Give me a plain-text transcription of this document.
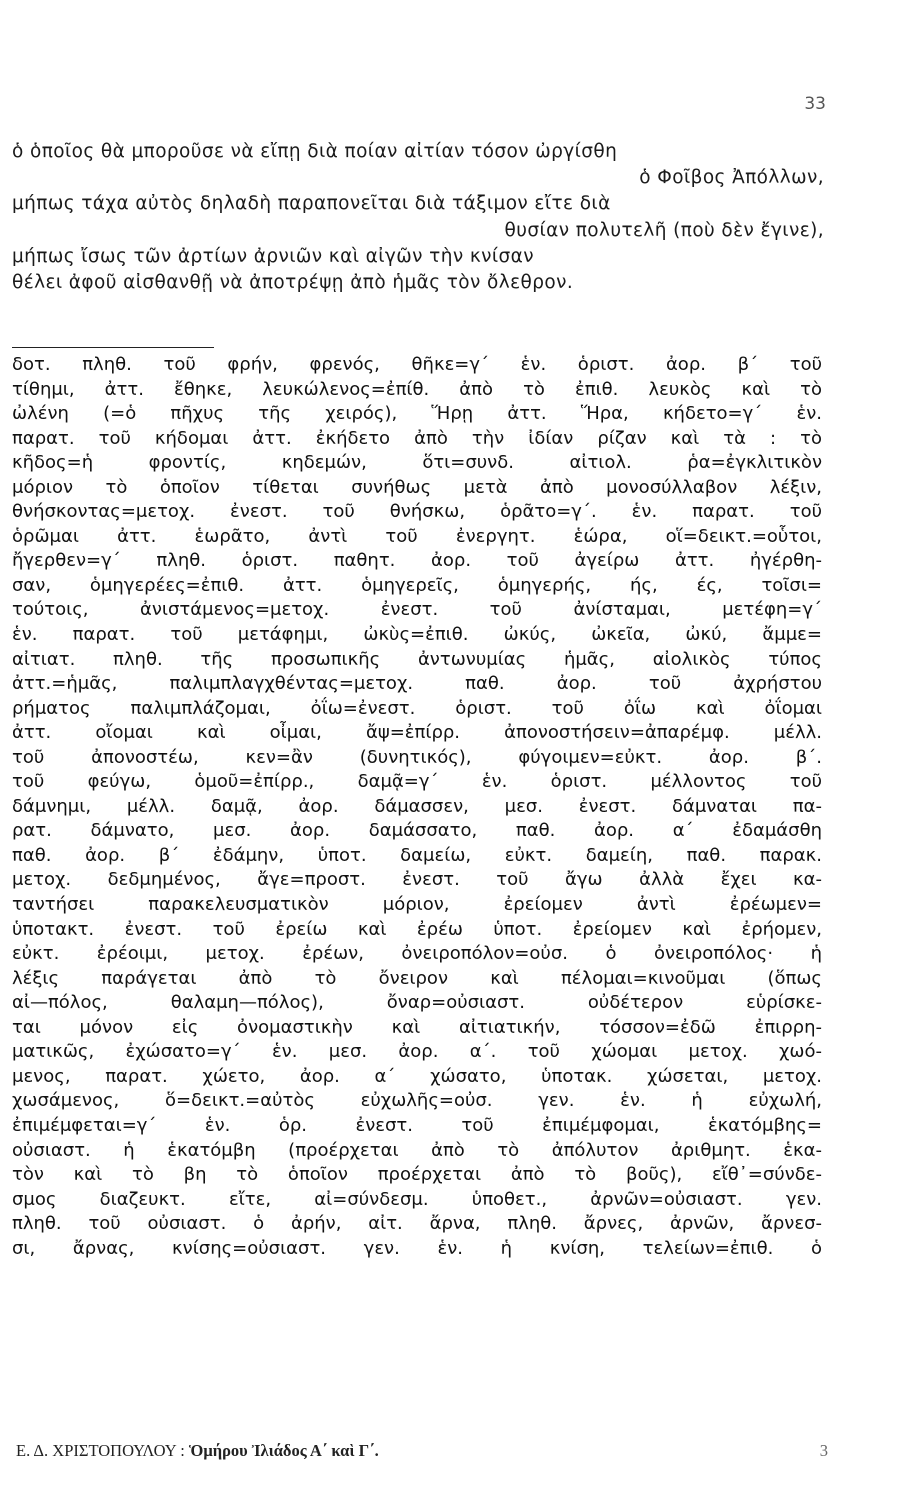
33
ὁ ὁποῖος θὰ μποροῦσε νὰ εἴπῃ διὰ ποίαν αἰτίαν τόσον ὠργίσθη
ὁ Φοῖβος Ἀπόλλων,
μήπως τάχα αὐτὸς δηλαδὴ παραπονεῖται διὰ τάξιμον εἴτε διὰ
θυσίαν πολυτελῆ (ποὺ δὲν ἔγινε),
μήπως ἴσως τῶν ἀρτίων ἀρνιῶν καὶ αἰγῶν τὴν κνίσαν
θέλει ἀφοῦ αἰσθανθῇ νὰ ἀποτρέψῃ ἀπὸ ἡμᾶς τὸν ὄλεθρον.
δοτ. πληθ. τοῦ φρήν, φρενός, θῆκε=γ΄ ἑν. ὁριστ. ἀορ. β΄ τοῦ
τίθημι, ἀττ. ἔθηκε, λευκώλενος=ἐπίθ. ἀπὸ τὸ ἐπιθ. λευκὸς καὶ τὸ
ὠλένη (=ὁ πῆχυς τῆς χειρός), Ἥρῃ ἀττ. Ἥρα, κήδετο=γ΄ ἑν.
παρατ. τοῦ κήδομαι ἀττ. ἐκήδετο ἀπὸ τὴν ἰδίαν ρίζαν καὶ τὰ : τὸ
κῆδος=ἡ φροντίς, κηδεμών, ὅτι=συνδ. αἰτιολ. ῥα=ἐγκλιτικὸν
μόριον τὸ ὁποῖον τίθεται συνήθως μετὰ ἀπὸ μονοσύλλαβον λέξιν,
θνήσκοντας=μετοχ. ἐνεστ. τοῦ θνήσκω, ὁρᾶτο=γ΄. ἑν. παρατ. τοῦ
ὁρῶμαι ἀττ. ἑωρᾶτο, ἀντὶ τοῦ ἐνεργητ. ἑώρα, οἵ=δεικτ.=οὗτοι,
ἤγερθεν=γ΄ πληθ. ὁριστ. παθητ. ἀορ. τοῦ ἀγείρω ἀττ. ἠγέρθη-
σαν, ὁμηγερέες=ἐπιθ. ἀττ. ὁμηγερεῖς, ὁμηγερής, ής, ές, τοῖσι=
τούτοις, ἀνιστάμενος=μετοχ. ἐνεστ. τοῦ ἀνίσταμαι, μετέφη=γ΄
ἑν. παρατ. τοῦ μετάφημι, ὠκὺς=ἐπιθ. ὠκύς, ὠκεῖα, ὠκύ, ἄμμε=
αἰτιατ. πληθ. τῆς προσωπικῆς ἀντωνυμίας ἡμᾶς, αἰολικὸς τύπος
ἀττ.=ἡμᾶς, παλιμπλαγχθέντας=μετοχ. παθ. ἀορ. τοῦ ἀχρήστου
ρήματος παλιμπλάζομαι, ὀΐω=ἐνεστ. ὁριστ. τοῦ ὀΐω καὶ ὀΐομαι
ἀττ. οἴομαι καὶ οἶμαι, ἄψ=ἐπίρρ. ἀπονοστήσειν=ἀπαρέμφ. μέλλ.
τοῦ ἀπονοστέω, κεν=ἂν (δυνητικός), φύγοιμεν=εὐκτ. ἀορ. β΄.
τοῦ φεύγω, ὁμοῦ=ἐπίρρ., δαμᾷ=γ΄ ἑν. ὁριστ. μέλλοντος τοῦ
δάμνημι, μέλλ. δαμᾷ, ἀορ. δάμασσεν, μεσ. ἐνεστ. δάμναται πα-
ρατ. δάμνατο, μεσ. ἀορ. δαμάσσατο, παθ. ἀορ. α΄ ἐδαμάσθη
παθ. ἀορ. β΄ ἐδάμην, ὑποτ. δαμείω, εὐκτ. δαμείη, παθ. παρακ.
μετοχ. δεδμημένος, ἄγε=προστ. ἐνεστ. τοῦ ἄγω ἀλλὰ ἔχει κα-
ταντήσει παρακελευσματικὸν μόριον, ἐρείομεν ἀντὶ ἐρέωμεν=
ὑποτακτ. ἐνεστ. τοῦ ἐρείω καὶ ἐρέω ὑποτ. ἐρείομεν καὶ ἐρήομεν,
εὐκτ. ἐρέοιμι, μετοχ. ἐρέων, ὀνειροπόλον=οὐσ. ὁ ὀνειροπόλος· ἡ
λέξις παράγεται ἀπὸ τὸ ὄνειρον καὶ πέλομαι=κινοῦμαι (ὅπως
αἰ—πόλος, θαλαμη—πόλος), ὄναρ=οὐσιαστ. οὐδέτερον εὑρίσκε-
ται μόνον εἰς ὀνομαστικὴν καὶ αἰτιατικήν, τόσσον=ἐδῶ ἐπιρρη-
ματικῶς, ἐχώσατο=γ΄ ἑν. μεσ. ἀορ. α΄. τοῦ χώομαι μετοχ. χωό-
μενος, παρατ. χώετο, ἀορ. α΄ χώσατο, ὑποτακ. χώσεται, μετοχ.
χωσάμενος, ὅ=δεικτ.=αὐτὸς εὐχωλῆς=οὐσ. γεν. ἑν. ἡ εὐχωλή,
ἐπιμέμφεται=γ΄ ἑν. ὁρ. ἐνεστ. τοῦ ἐπιμέμφομαι, ἑκατόμβης=
οὐσιαστ. ἡ ἑκατόμβη (προέρχεται ἀπὸ τὸ ἀπόλυτον ἀριθμητ. ἑκα-
τὸν καὶ τὸ βη τὸ ὁποῖον προέρχεται ἀπὸ τὸ βοῦς), εἴθ᾽=σύνδε-
σμος διαζευκτ. εἴτε, αἰ=σύνδεσμ. ὑποθετ., ἀρνῶν=οὐσιαστ. γεν.
πληθ. τοῦ οὐσιαστ. ὁ ἀρήν, αἰτ. ἄρνα, πληθ. ἄρνες, ἀρνῶν, ἄρνεσ-
σι, ἄρνας, κνίσης=οὐσιαστ. γεν. ἑν. ἡ κνίση, τελείων=ἐπιθ. ὁ
Ε. Δ. ΧΡΙΣΤΟΠΟΥΛΟΥ : Ὁμήρου Ἰλιάδος Α΄ καὶ Γ΄.	3
